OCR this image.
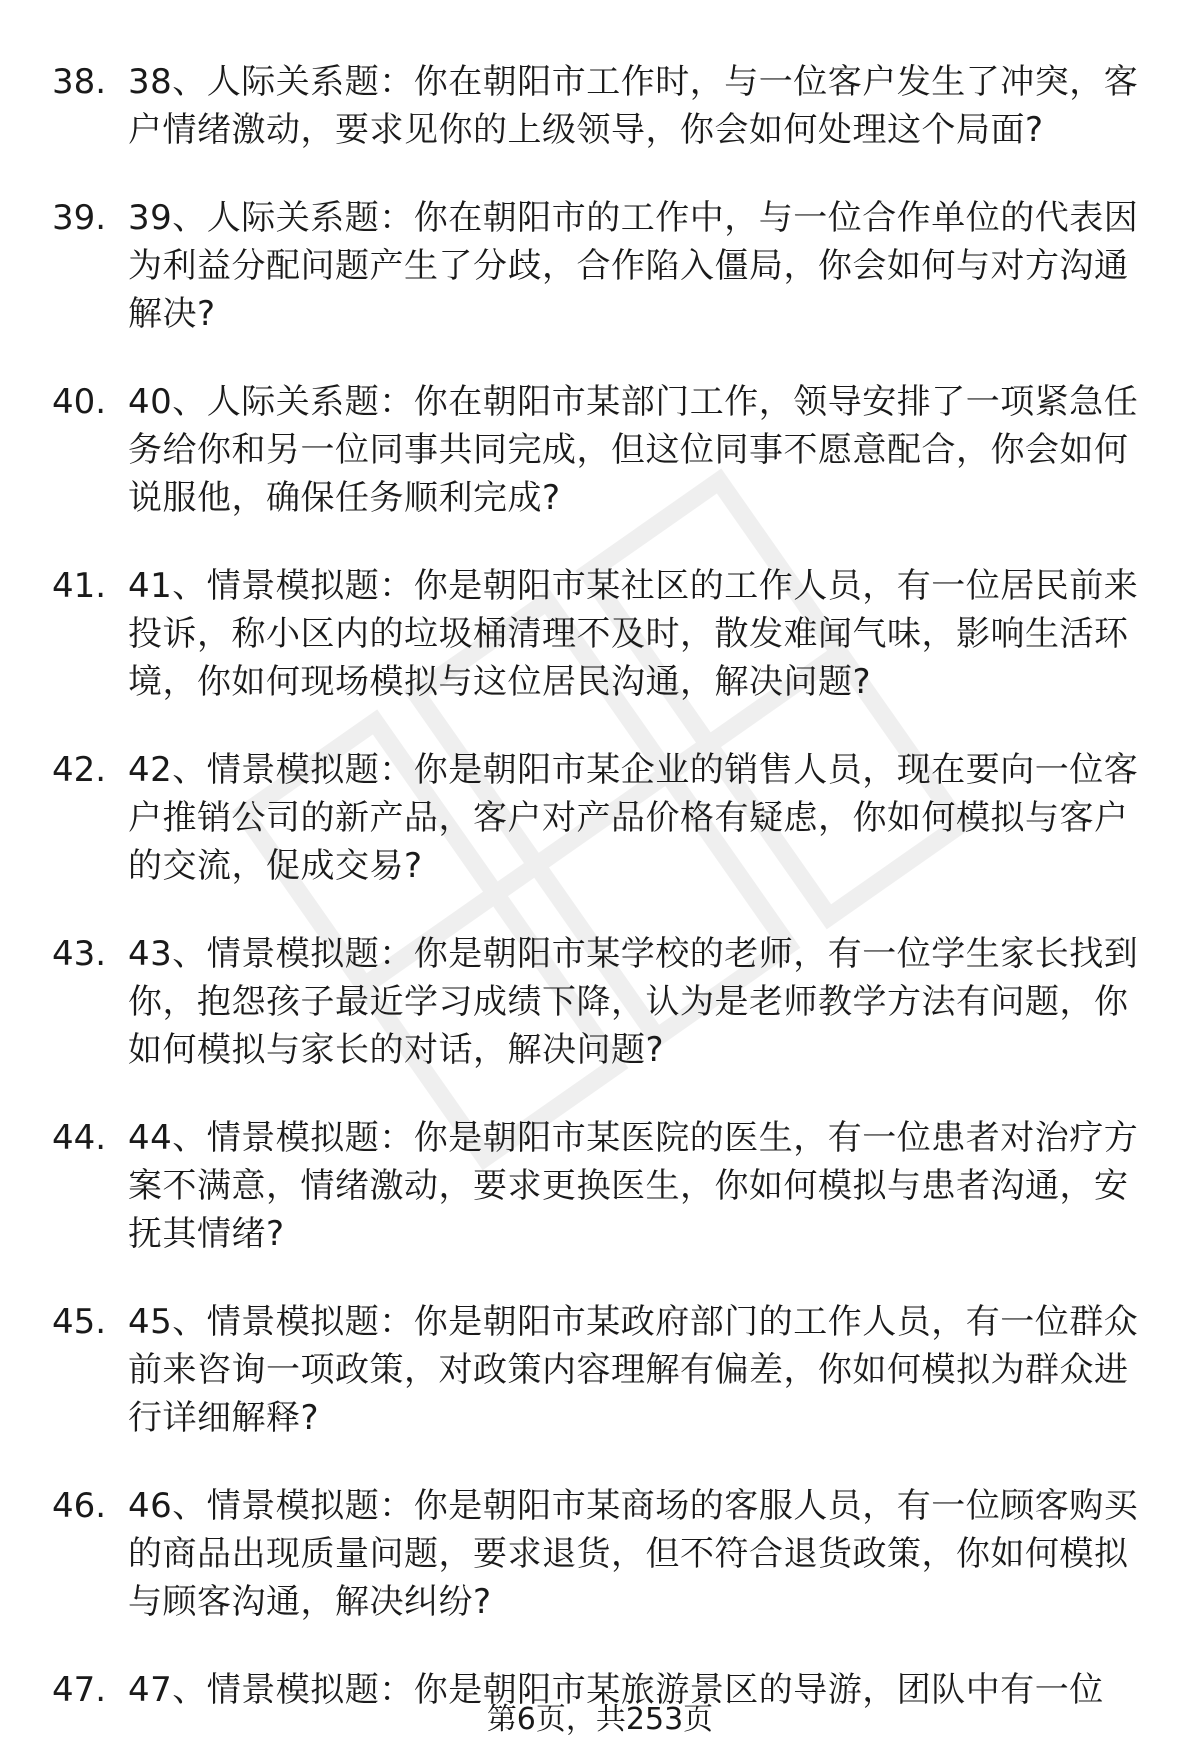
38. 38、人际关系题：你在朝阳市工作时，与一位客户发生了冲突，客户情绪激动，要求见你的上级领导，你会如何处理这个局面?
39. 39、人际关系题：你在朝阳市的工作中，与一位合作单位的代表因为利益分配问题产生了分歧，合作陷入僵局，你会如何与对方沟通解决?
40. 40、人际关系题：你在朝阳市某部门工作，领导安排了一项紧急任务给你和另一位同事共同完成，但这位同事不愿意配合，你会如何说服他，确保任务顺利完成?
41. 41、情景模拟题：你是朝阳市某社区的工作人员，有一位居民前来投诉，称小区内的垃圾桶清理不及时，散发难闻气味，影响生活环境，你如何现场模拟与这位居民沟通，解决问题?
42. 42、情景模拟题：你是朝阳市某企业的销售人员，现在要向一位客户推销公司的新产品，客户对产品价格有疑虑，你如何模拟与客户的交流，促成交易?
43. 43、情景模拟题：你是朝阳市某学校的老师，有一位学生家长找到你，抱怨孩子最近学习成绩下降，认为是老师教学方法有问题，你如何模拟与家长的对话，解决问题?
44. 44、情景模拟题：你是朝阳市某医院的医生，有一位患者对治疗方案不满意，情绪激动，要求更换医生，你如何模拟与患者沟通，安抚其情绪?
45. 45、情景模拟题：你是朝阳市某政府部门的工作人员，有一位群众前来咨询一项政策，对政策内容理解有偏差，你如何模拟为群众进行详细解释?
46. 46、情景模拟题：你是朝阳市某商场的客服人员，有一位顾客购买的商品出现质量问题，要求退货，但不符合退货政策，你如何模拟与顾客沟通，解决纠纷?
47. 47、情景模拟题：你是朝阳市某旅游景区的导游，团队中有一位
第6页，共253页
